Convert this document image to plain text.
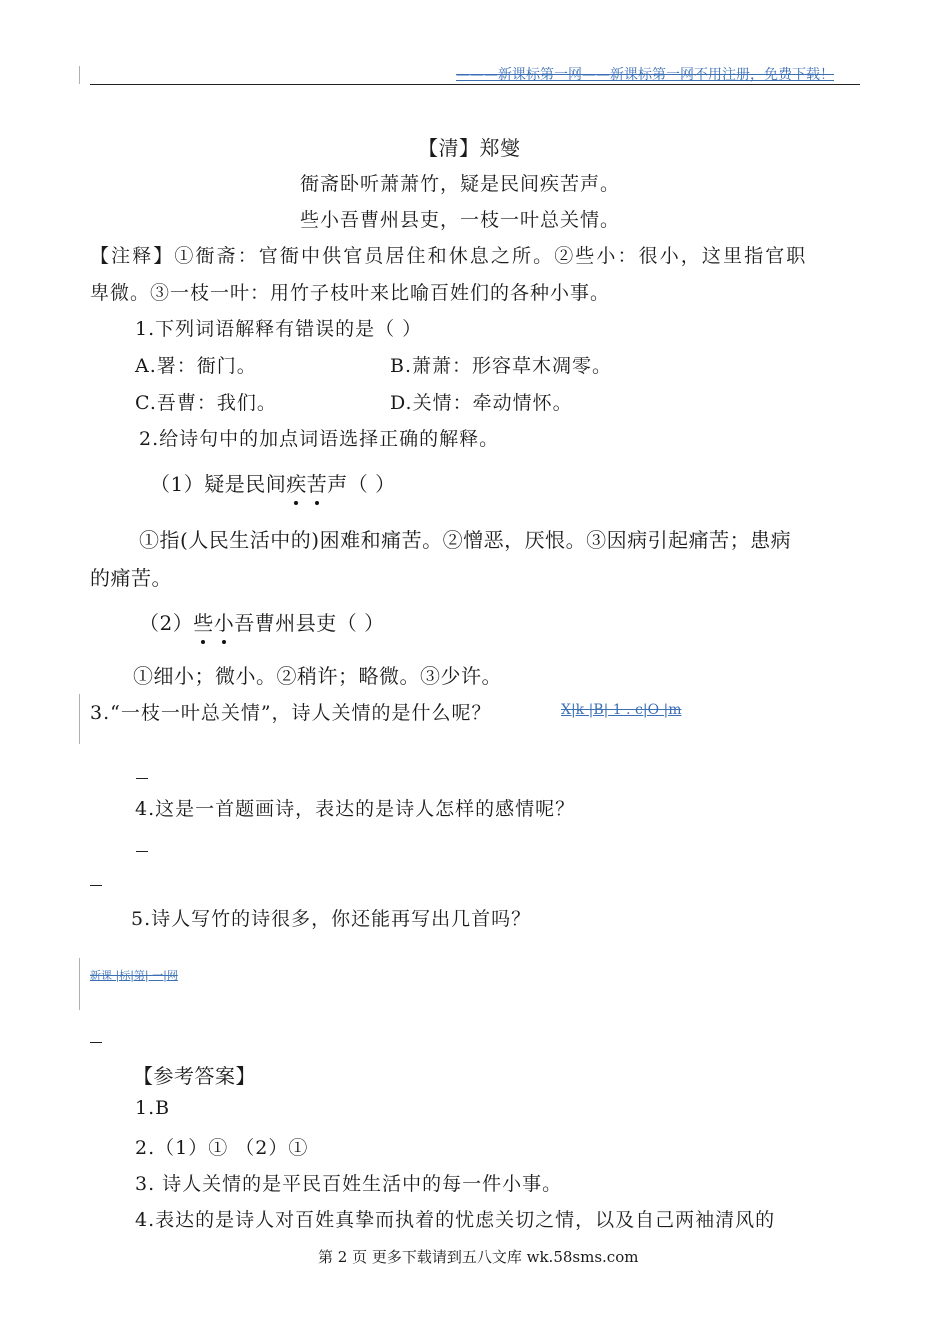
———新课标第一网——新课标第一网不用注册，免费下载！
【清】郑燮
衙斋卧听萧萧竹，疑是民间疾苦声。
些小吾曹州县吏，一枝一叶总关情。
【注释】①衙斋：官衙中供官员居住和休息之所。②些小：很小，这里指官职
卑微。③一枝一叶：用竹子枝叶来比喻百姓们的各种小事。
1.下列词语解释有错误的是（ ）
A.署：衙门。	B.萧萧：形容草木凋零。
C.吾曹：我们。	D.关情：牵动情怀。
2.给诗句中的加点词语选择正确的解释。
（1）疑是民间疾苦声（ ）
①指(人民生活中的)困难和痛苦。②憎恶，厌恨。③因病引起痛苦；患病
的痛苦。
（2）些小吾曹州县吏（ ）
①细小；微小。②稍许；略微。③少许。
3.“一枝一叶总关情”，诗人关情的是什么呢？	X|k |B| 1 . c|O |m
4.这是一首题画诗，表达的是诗人怎样的感情呢？
5.诗人写竹的诗很多，你还能再写出几首吗？
新课 |标|第| 一|网
【参考答案】
1.B
2.（1）① （2）①
3. 诗人关情的是平民百姓生活中的每一件小事。
4.表达的是诗人对百姓真挚而执着的忧虑关切之情，以及自己两袖清风的
第 2 页 更多下载请到五八文库 wk.58sms.com
